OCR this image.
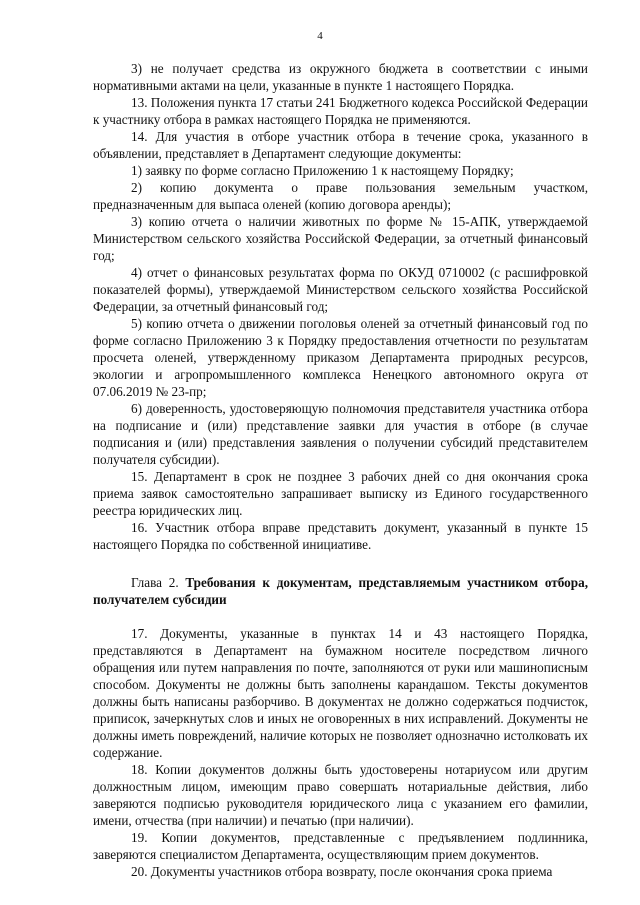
4

3) не получает средства из окружного бюджета в соответствии с иными нормативными актами на цели, указанные в пункте 1 настоящего Порядка.

13. Положения пункта 17 статьи 241 Бюджетного кодекса Российской Федерации к участнику отбора в рамках настоящего Порядка не применяются.

14. Для участия в отборе участник отбора в течение срока, указанного в объявлении, представляет в Департамент следующие документы:

1) заявку по форме согласно Приложению 1 к настоящему Порядку;

2) копию документа о праве пользования земельным участком, предназначенным для выпаса оленей (копию договора аренды);

3) копию отчета о наличии животных по форме № 15-АПК, утверждаемой Министерством сельского хозяйства Российской Федерации, за отчетный финансовый год;

4) отчет о финансовых результатах форма по ОКУД 0710002 (с расшифровкой показателей формы), утверждаемой Министерством сельского хозяйства Российской Федерации, за отчетный финансовый год;

5) копию отчета о движении поголовья оленей за отчетный финансовый год по форме согласно Приложению 3 к Порядку предоставления отчетности по результатам просчета оленей, утвержденному приказом Департамента природных ресурсов, экологии и агропромышленного комплекса Ненецкого автономного округа от 07.06.2019 № 23-пр;

6) доверенность, удостоверяющую полномочия представителя участника отбора на подписание и (или) представление заявки для участия в отборе (в случае подписания и (или) представления заявления о получении субсидий представителем получателя субсидии).

15. Департамент в срок не позднее 3 рабочих дней со дня окончания срока приема заявок самостоятельно запрашивает выписку из Единого государственного реестра юридических лиц.

16. Участник отбора вправе представить документ, указанный в пункте 15 настоящего Порядка по собственной инициативе.

Глава 2. Требования к документам, представляемым участником отбора, получателем субсидии

17. Документы, указанные в пунктах 14 и 43 настоящего Порядка, представляются в Департамент на бумажном носителе посредством личного обращения или путем направления по почте, заполняются от руки или машинописным способом. Документы не должны быть заполнены карандашом. Тексты документов должны быть написаны разборчиво. В документах не должно содержаться подчисток, приписок, зачеркнутых слов и иных не оговоренных в них исправлений. Документы не должны иметь повреждений, наличие которых не позволяет однозначно истолковать их содержание.

18. Копии документов должны быть удостоверены нотариусом или другим должностным лицом, имеющим право совершать нотариальные действия, либо заверяются подписью руководителя юридического лица с указанием его фамилии, имени, отчества (при наличии) и печатью (при наличии).

19. Копии документов, представленные с предъявлением подлинника, заверяются специалистом Департамента, осуществляющим прием документов.

20. Документы участников отбора возврату, после окончания срока приема
